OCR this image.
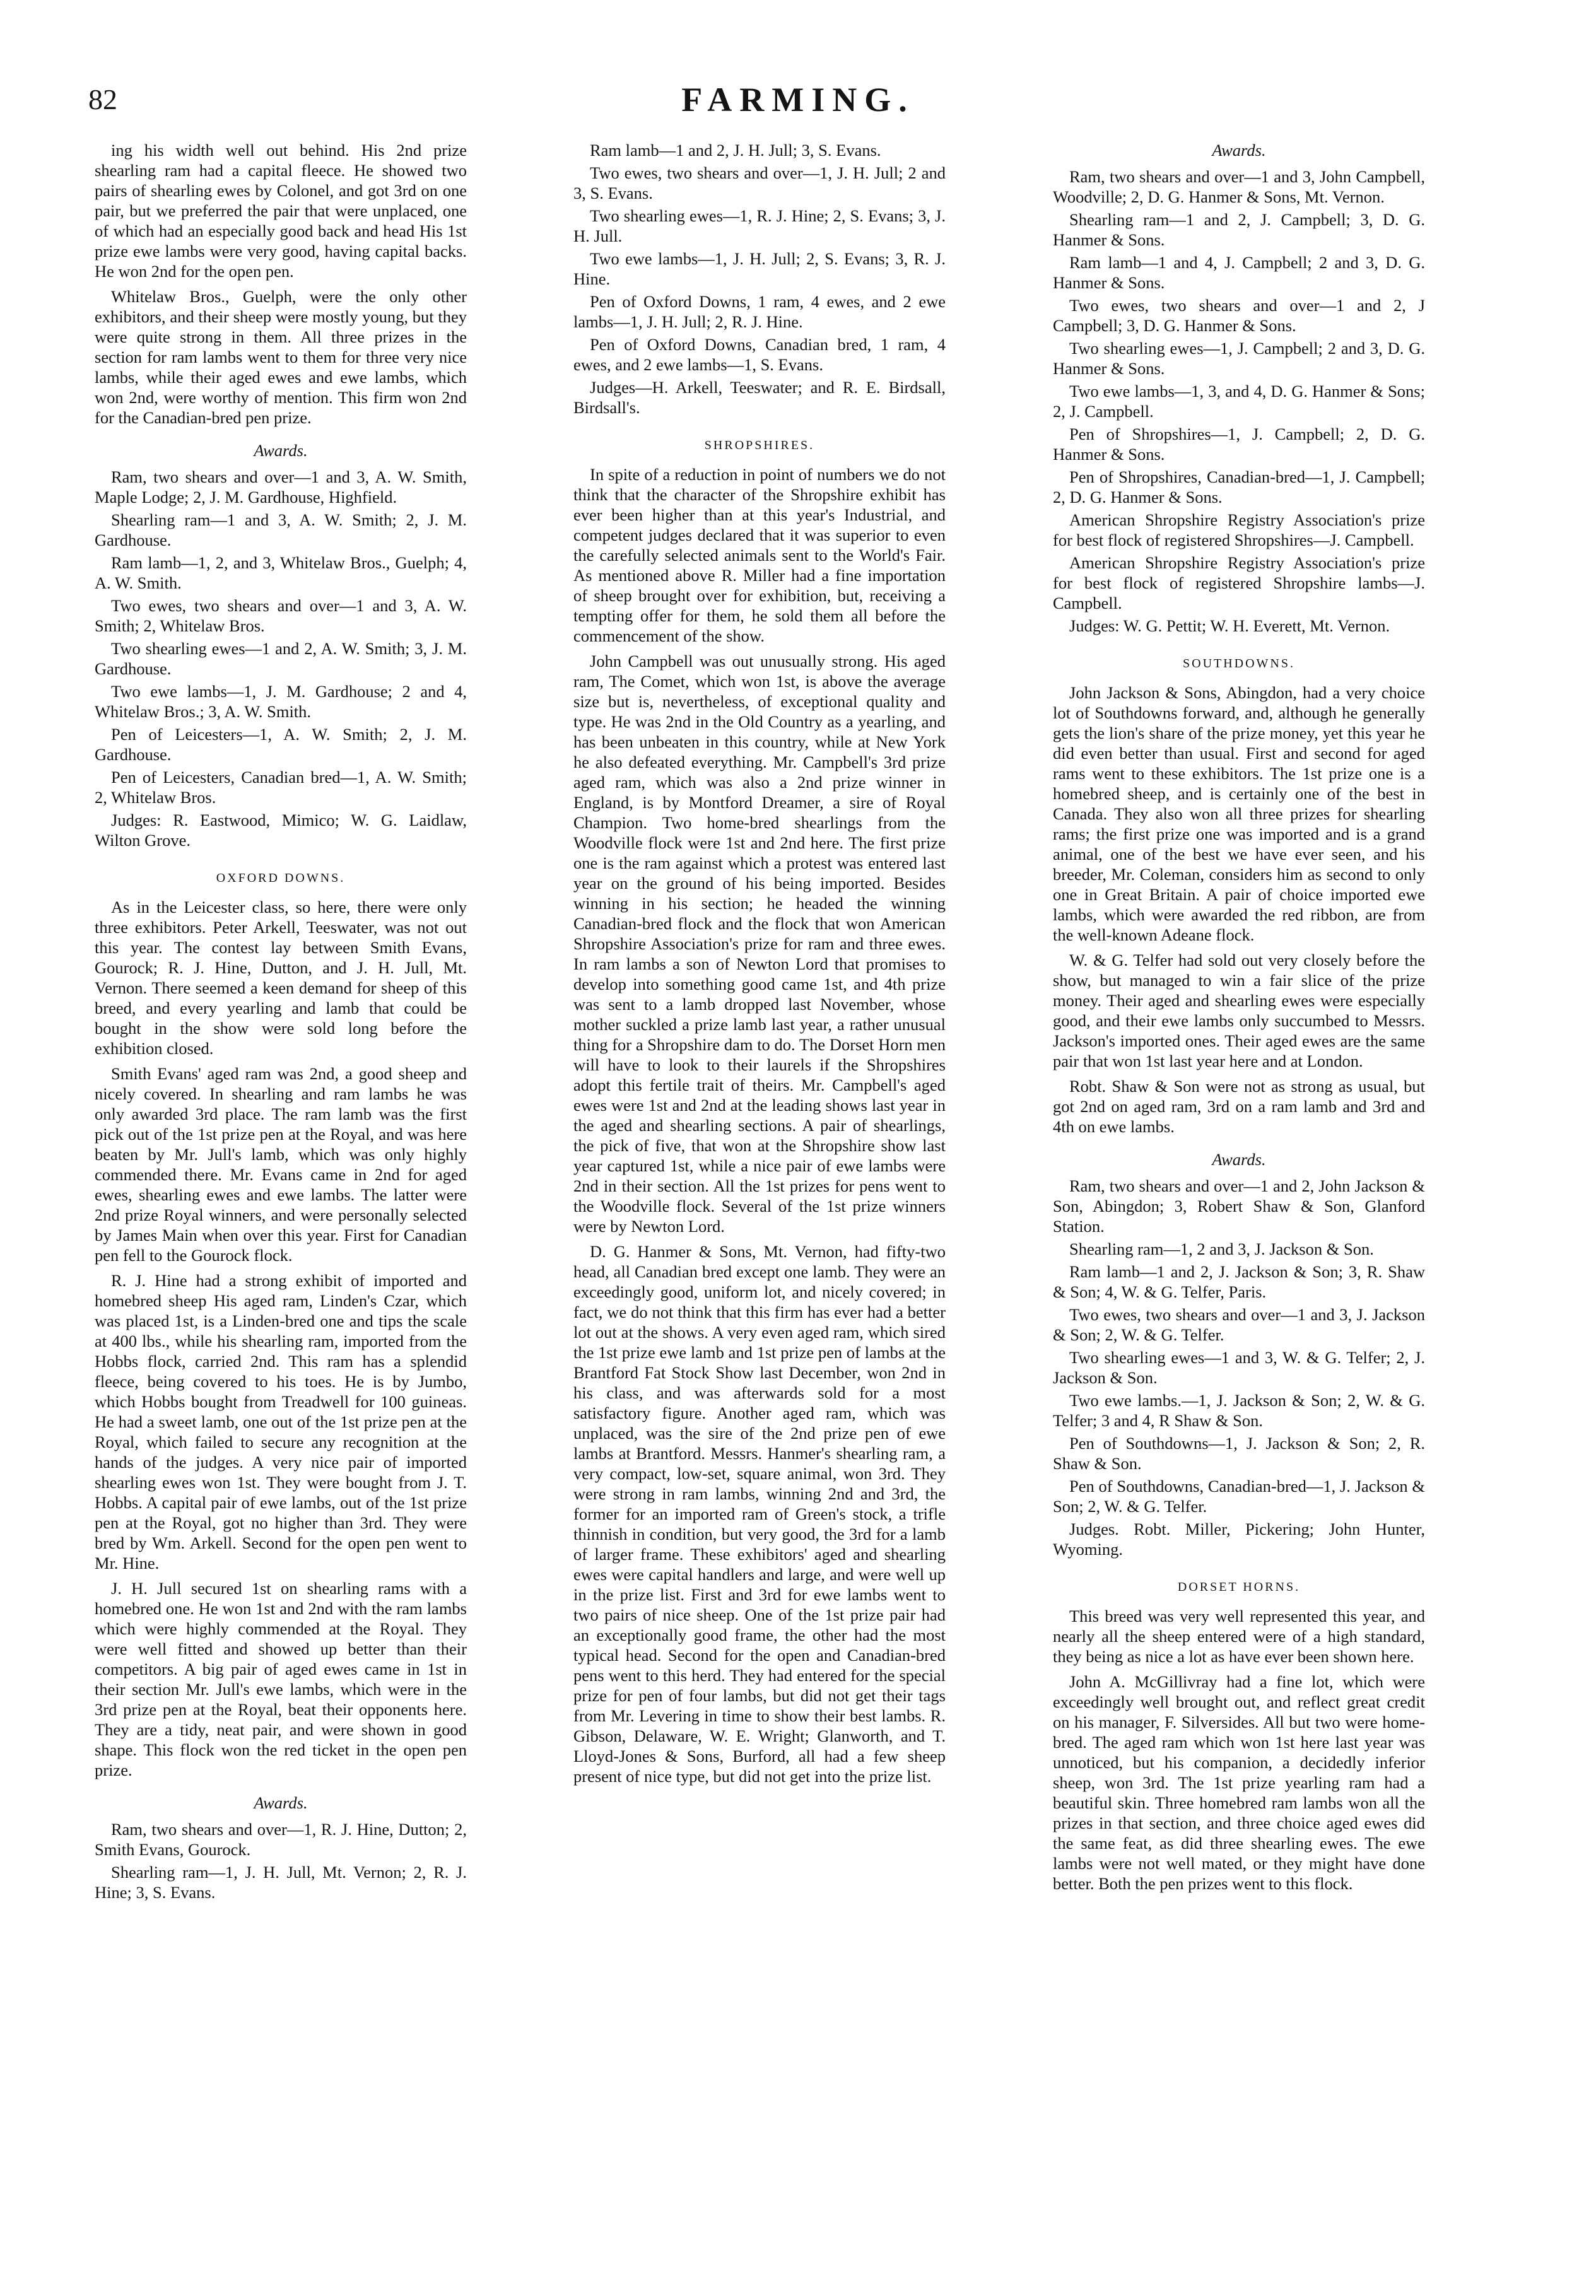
82	FARMING.

ing his width well out behind. His 2nd prize shearling ram had a capital fleece. He showed two pairs of shearling ewes by Colonel, and got 3rd on one pair, but we preferred the pair that were unplaced, one of which had an especially good back and head His 1st prize ewe lambs were very good, having capital backs. He won 2nd for the open pen.

Whitelaw Bros., Guelph, were the only other exhibitors, and their sheep were mostly young, but they were quite strong in them. All three prizes in the section for ram lambs went to them for three very nice lambs, while their aged ewes and ewe lambs, which won 2nd, were worthy of mention. This firm won 2nd for the Canadian-bred pen prize.

Awards.

Ram, two shears and over—1 and 3, A. W. Smith, Maple Lodge; 2, J. M. Gardhouse, Highfield.

Shearling ram—1 and 3, A. W. Smith; 2, J. M. Gardhouse.

Ram lamb—1, 2, and 3, Whitelaw Bros., Guelph; 4, A. W. Smith.

Two ewes, two shears and over—1 and 3, A. W. Smith; 2, Whitelaw Bros.

Two shearling ewes—1 and 2, A. W. Smith; 3, J. M. Gardhouse.

Two ewe lambs—1, J. M. Gardhouse; 2 and 4, Whitelaw Bros.; 3, A. W. Smith.

Pen of Leicesters—1, A. W. Smith; 2, J. M. Gardhouse.

Pen of Leicesters, Canadian bred—1, A. W. Smith; 2, Whitelaw Bros.

Judges: R. Eastwood, Mimico; W. G. Laidlaw, Wilton Grove.

OXFORD DOWNS.

As in the Leicester class, so here, there were only three exhibitors. Peter Arkell, Teeswater, was not out this year. The contest lay between Smith Evans, Gourock; R. J. Hine, Dutton, and J. H. Jull, Mt. Vernon. There seemed a keen demand for sheep of this breed, and every yearling and lamb that could be bought in the show were sold long before the exhibition closed.

Smith Evans' aged ram was 2nd, a good sheep and nicely covered. In shearling and ram lambs he was only awarded 3rd place. The ram lamb was the first pick out of the 1st prize pen at the Royal, and was here beaten by Mr. Jull's lamb, which was only highly commended there. Mr. Evans came in 2nd for aged ewes, shearling ewes and ewe lambs. The latter were 2nd prize Royal winners, and were personally selected by James Main when over this year. First for Canadian pen fell to the Gourock flock.

R. J. Hine had a strong exhibit of imported and homebred sheep His aged ram, Linden's Czar, which was placed 1st, is a Linden-bred one and tips the scale at 400 lbs., while his shearling ram, imported from the Hobbs flock, carried 2nd. This ram has a splendid fleece, being covered to his toes. He is by Jumbo, which Hobbs bought from Treadwell for 100 guineas. He had a sweet lamb, one out of the 1st prize pen at the Royal, which failed to secure any recognition at the hands of the judges. A very nice pair of imported shearling ewes won 1st. They were bought from J. T. Hobbs. A capital pair of ewe lambs, out of the 1st prize pen at the Royal, got no higher than 3rd. They were bred by Wm. Arkell. Second for the open pen went to Mr. Hine.

J. H. Jull secured 1st on shearling rams with a homebred one. He won 1st and 2nd with the ram lambs which were highly commended at the Royal. They were well fitted and showed up better than their competitors. A big pair of aged ewes came in 1st in their section Mr. Jull's ewe lambs, which were in the 3rd prize pen at the Royal, beat their opponents here. They are a tidy, neat pair, and were shown in good shape. This flock won the red ticket in the open pen prize.

Awards.

Ram, two shears and over—1, R. J. Hine, Dutton; 2, Smith Evans, Gourock.

Shearling ram—1, J. H. Jull, Mt. Vernon; 2, R. J. Hine; 3, S. Evans.

Ram lamb—1 and 2, J. H. Jull; 3, S. Evans.

Two ewes, two shears and over—1, J. H. Jull; 2 and 3, S. Evans.

Two shearling ewes—1, R. J. Hine; 2, S. Evans; 3, J. H. Jull.

Two ewe lambs—1, J. H. Jull; 2, S. Evans; 3, R. J. Hine.

Pen of Oxford Downs, 1 ram, 4 ewes, and 2 ewe lambs—1, J. H. Jull; 2, R. J. Hine.

Pen of Oxford Downs, Canadian bred, 1 ram, 4 ewes, and 2 ewe lambs—1, S. Evans.

Judges—H. Arkell, Teeswater; and R. E. Birdsall, Birdsall's.

SHROPSHIRES.

In spite of a reduction in point of numbers we do not think that the character of the Shropshire exhibit has ever been higher than at this year's Industrial, and competent judges declared that it was superior to even the carefully selected animals sent to the World's Fair. As mentioned above R. Miller had a fine importation of sheep brought over for exhibition, but, receiving a tempting offer for them, he sold them all before the commencement of the show.

John Campbell was out unusually strong. His aged ram, The Comet, which won 1st, is above the average size but is, nevertheless, of exceptional quality and type. He was 2nd in the Old Country as a yearling, and has been unbeaten in this country, while at New York he also defeated everything. Mr. Campbell's 3rd prize aged ram, which was also a 2nd prize winner in England, is by Montford Dreamer, a sire of Royal Champion. Two home-bred shearlings from the Woodville flock were 1st and 2nd here. The first prize one is the ram against which a protest was entered last year on the ground of his being imported. Besides winning in his section; he headed the winning Canadian-bred flock and the flock that won American Shropshire Association's prize for ram and three ewes. In ram lambs a son of Newton Lord that promises to develop into something good came 1st, and 4th prize was sent to a lamb dropped last November, whose mother suckled a prize lamb last year, a rather unusual thing for a Shropshire dam to do. The Dorset Horn men will have to look to their laurels if the Shropshires adopt this fertile trait of theirs. Mr. Campbell's aged ewes were 1st and 2nd at the leading shows last year in the aged and shearling sections. A pair of shearlings, the pick of five, that won at the Shropshire show last year captured 1st, while a nice pair of ewe lambs were 2nd in their section. All the 1st prizes for pens went to the Woodville flock. Several of the 1st prize winners were by Newton Lord.

D. G. Hanmer & Sons, Mt. Vernon, had fifty-two head, all Canadian bred except one lamb. They were an exceedingly good, uniform lot, and nicely covered; in fact, we do not think that this firm has ever had a better lot out at the shows. A very even aged ram, which sired the 1st prize ewe lamb and 1st prize pen of lambs at the Brantford Fat Stock Show last December, won 2nd in his class, and was afterwards sold for a most satisfactory figure. Another aged ram, which was unplaced, was the sire of the 2nd prize pen of ewe lambs at Brantford. Messrs. Hanmer's shearling ram, a very compact, low-set, square animal, won 3rd. They were strong in ram lambs, winning 2nd and 3rd, the former for an imported ram of Green's stock, a trifle thinnish in condition, but very good, the 3rd for a lamb of larger frame. These exhibitors' aged and shearling ewes were capital handlers and large, and were well up in the prize list. First and 3rd for ewe lambs went to two pairs of nice sheep. One of the 1st prize pair had an exceptionally good frame, the other had the most typical head. Second for the open and Canadian-bred pens went to this herd. They had entered for the special prize for pen of four lambs, but did not get their tags from Mr. Levering in time to show their best lambs. R. Gibson, Delaware, W. E. Wright; Glanworth, and T. Lloyd-Jones & Sons, Burford, all had a few sheep present of nice type, but did not get into the prize list.

Awards.

Ram, two shears and over—1 and 3, John Campbell, Woodville; 2, D. G. Hanmer & Sons, Mt. Vernon.

Shearling ram—1 and 2, J. Campbell; 3, D. G. Hanmer & Sons.

Ram lamb—1 and 4, J. Campbell; 2 and 3, D. G. Hanmer & Sons.

Two ewes, two shears and over—1 and 2, J Campbell; 3, D. G. Hanmer & Sons.

Two shearling ewes—1, J. Campbell; 2 and 3, D. G. Hanmer & Sons.

Two ewe lambs—1, 3, and 4, D. G. Hanmer & Sons; 2, J. Campbell.

Pen of Shropshires—1, J. Campbell; 2, D. G. Hanmer & Sons.

Pen of Shropshires, Canadian-bred—1, J. Campbell; 2, D. G. Hanmer & Sons.

American Shropshire Registry Association's prize for best flock of registered Shropshires—J. Campbell.

American Shropshire Registry Association's prize for best flock of registered Shropshire lambs—J. Campbell.

Judges: W. G. Pettit; W. H. Everett, Mt. Vernon.

SOUTHDOWNS.

John Jackson & Sons, Abingdon, had a very choice lot of Southdowns forward, and, although he generally gets the lion's share of the prize money, yet this year he did even better than usual. First and second for aged rams went to these exhibitors. The 1st prize one is a homebred sheep, and is certainly one of the best in Canada. They also won all three prizes for shearling rams; the first prize one was imported and is a grand animal, one of the best we have ever seen, and his breeder, Mr. Coleman, considers him as second to only one in Great Britain. A pair of choice imported ewe lambs, which were awarded the red ribbon, are from the well-known Adeane flock.

W. & G. Telfer had sold out very closely before the show, but managed to win a fair slice of the prize money. Their aged and shearling ewes were especially good, and their ewe lambs only succumbed to Messrs. Jackson's imported ones. Their aged ewes are the same pair that won 1st last year here and at London.

Robt. Shaw & Son were not as strong as usual, but got 2nd on aged ram, 3rd on a ram lamb and 3rd and 4th on ewe lambs.

Awards.

Ram, two shears and over—1 and 2, John Jackson & Son, Abingdon; 3, Robert Shaw & Son, Glanford Station.

Shearling ram—1, 2 and 3, J. Jackson & Son.

Ram lamb—1 and 2, J. Jackson & Son; 3, R. Shaw & Son; 4, W. & G. Telfer, Paris.

Two ewes, two shears and over—1 and 3, J. Jackson & Son; 2, W. & G. Telfer.

Two shearling ewes—1 and 3, W. & G. Telfer; 2, J. Jackson & Son.

Two ewe lambs.—1, J. Jackson & Son; 2, W. & G. Telfer; 3 and 4, R Shaw & Son.

Pen of Southdowns—1, J. Jackson & Son; 2, R. Shaw & Son.

Pen of Southdowns, Canadian-bred—1, J. Jackson & Son; 2, W. & G. Telfer.

Judges. Robt. Miller, Pickering; John Hunter, Wyoming.

DORSET HORNS.

This breed was very well represented this year, and nearly all the sheep entered were of a high standard, they being as nice a lot as have ever been shown here.

John A. McGillivray had a fine lot, which were exceedingly well brought out, and reflect great credit on his manager, F. Silversides. All but two were home-bred. The aged ram which won 1st here last year was unnoticed, but his companion, a decidedly inferior sheep, won 3rd. The 1st prize yearling ram had a beautiful skin. Three homebred ram lambs won all the prizes in that section, and three choice aged ewes did the same feat, as did three shearling ewes. The ewe lambs were not well mated, or they might have done better. Both the pen prizes went to this flock.
